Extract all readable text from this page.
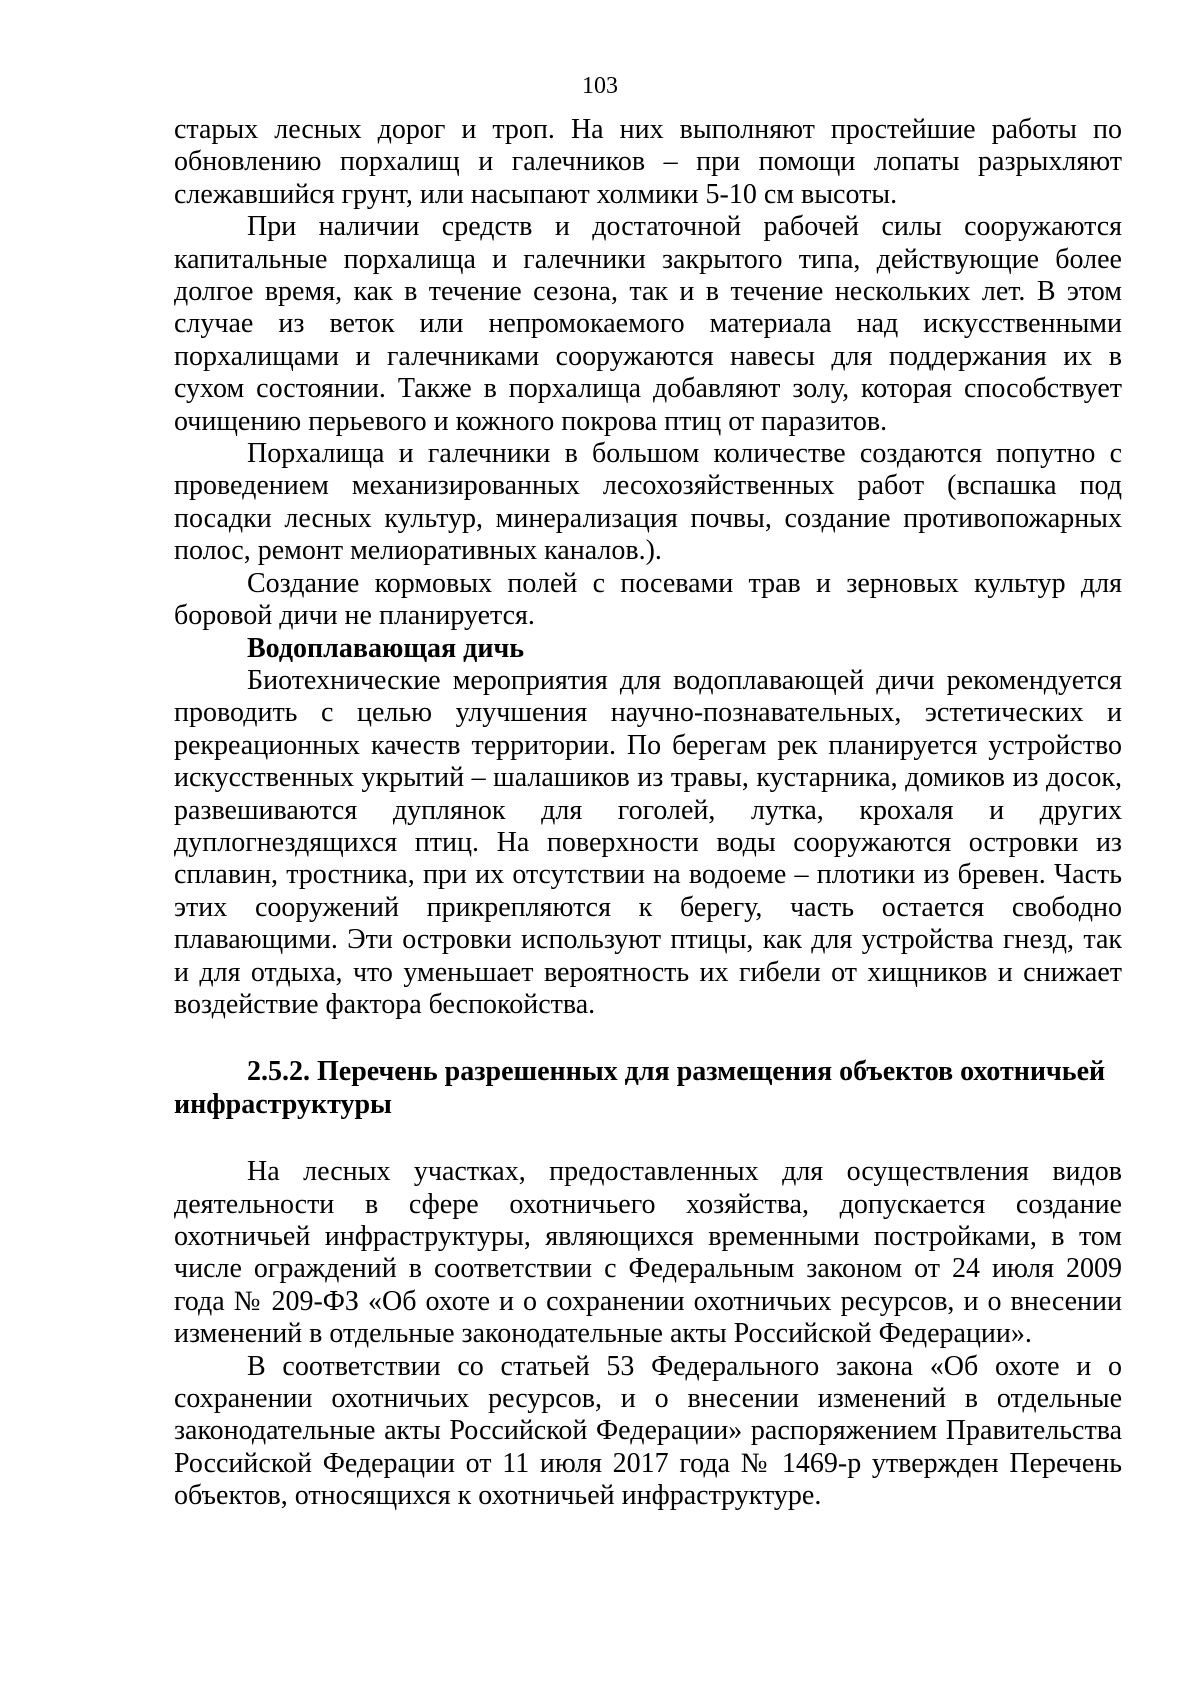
103

старых лесных дорог и троп. На них выполняют простейшие работы по обновлению порхалищ и галечников – при помощи лопаты разрыхляют слежавшийся грунт, или насыпают холмики 5-10 см высоты.

При наличии средств и достаточной рабочей силы сооружаются капитальные порхалища и галечники закрытого типа, действующие более долгое время, как в течение сезона, так и в течение нескольких лет. В этом случае из веток или непромокаемого материала над искусственными порхалищами и галечниками сооружаются навесы для поддержания их в сухом состоянии. Также в порхалища добавляют золу, которая способствует очищению перьевого и кожного покрова птиц от паразитов.

Порхалища и галечники в большом количестве создаются попутно с проведением механизированных лесохозяйственных работ (вспашка под посадки лесных культур, минерализация почвы, создание противопожарных полос, ремонт мелиоративных каналов.).

Создание кормовых полей с посевами трав и зерновых культур для боровой дичи не планируется.

Водоплавающая дичь

Биотехнические мероприятия для водоплавающей дичи рекомендуется проводить с целью улучшения научно-познавательных, эстетических и рекреационных качеств территории. По берегам рек планируется устройство искусственных укрытий – шалашиков из травы, кустарника, домиков из досок, развешиваются дуплянок для гоголей, лутка, крохаля и других дуплогнездящихся птиц. На поверхности воды сооружаются островки из сплавин, тростника, при их отсутствии на водоеме – плотики из бревен. Часть этих сооружений прикрепляются к берегу, часть остается свободно плавающими. Эти островки используют птицы, как для устройства гнезд, так и для отдыха, что уменьшает вероятность их гибели от хищников и снижает воздействие фактора беспокойства.

2.5.2. Перечень разрешенных для размещения объектов охотничьей инфраструктуры

На лесных участках, предоставленных для осуществления видов деятельности в сфере охотничьего хозяйства, допускается создание охотничьей инфраструктуры, являющихся временными постройками, в том числе ограждений в соответствии с Федеральным законом от 24 июля 2009 года № 209-ФЗ «Об охоте и о сохранении охотничьих ресурсов, и о внесении изменений в отдельные законодательные акты Российской Федерации».

В соответствии со статьей 53 Федерального закона «Об охоте и о сохранении охотничьих ресурсов, и о внесении изменений в отдельные законодательные акты Российской Федерации» распоряжением Правительства Российской Федерации от 11 июля 2017 года № 1469-р утвержден Перечень объектов, относящихся к охотничьей инфраструктуре.
